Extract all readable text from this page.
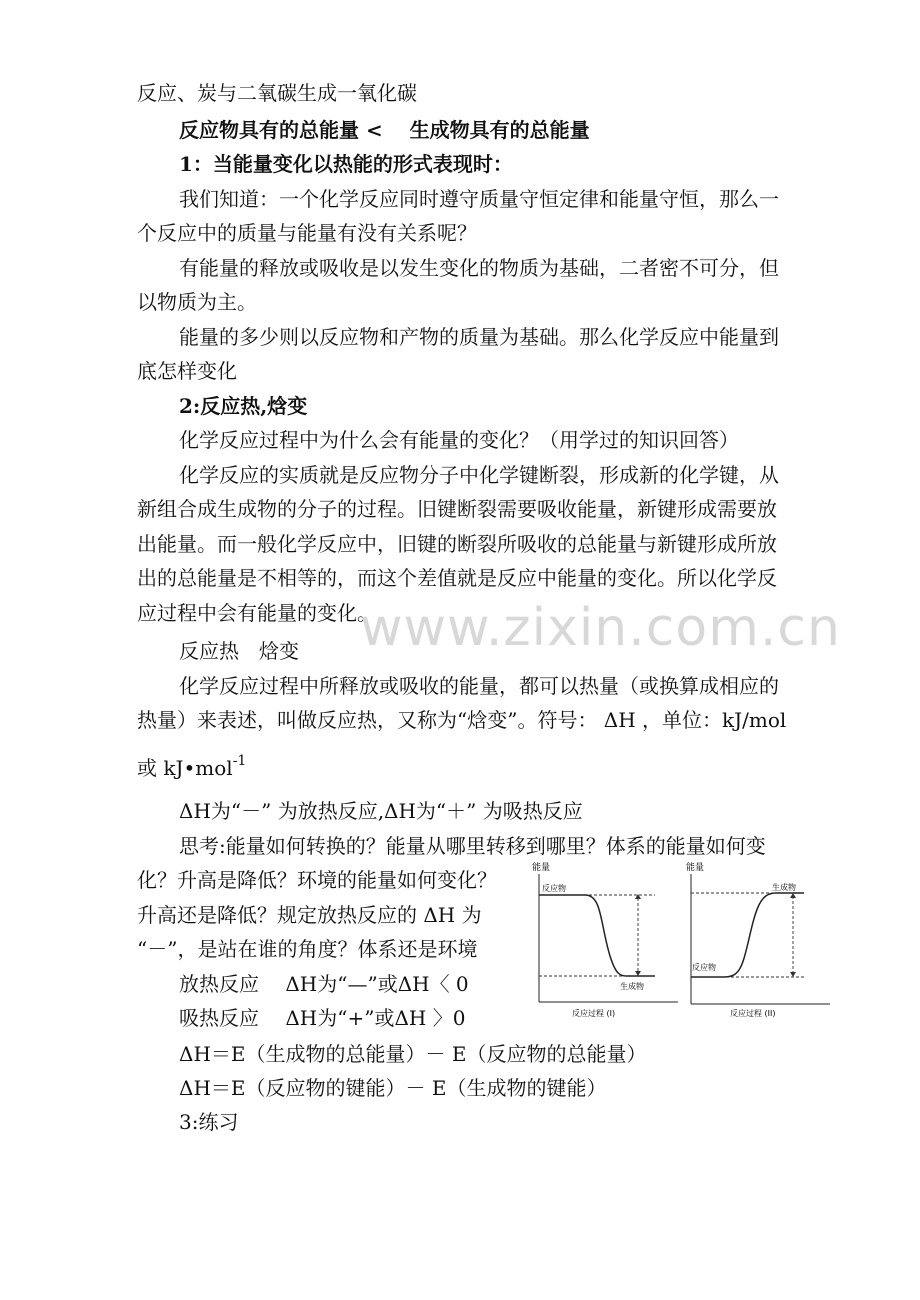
反应、炭与二氧碳生成一氧化碳
反应物具有的总能量 <　 生成物具有的总能量
1：当能量变化以热能的形式表现时：
我们知道：一个化学反应同时遵守质量守恒定律和能量守恒，那么一
个反应中的质量与能量有没有关系呢？
有能量的释放或吸收是以发生变化的物质为基础，二者密不可分，但
以物质为主。
能量的多少则以反应物和产物的质量为基础。那么化学反应中能量到
底怎样变化
2:反应热,焓变
化学反应过程中为什么会有能量的变化？（用学过的知识回答）
化学反应的实质就是反应物分子中化学键断裂，形成新的化学键，从
新组合成生成物的分子的过程。旧键断裂需要吸收能量，新键形成需要放
出能量。而一般化学反应中，旧键的断裂所吸收的总能量与新键形成所放
出的总能量是不相等的，而这个差值就是反应中能量的变化。所以化学反
应过程中会有能量的变化。
反应热　焓变
化学反应过程中所释放或吸收的能量，都可以热量（或换算成相应的
热量）来表述，叫做反应热，又称为“焓变”。符号： ΔH ，单位：kJ/mol
或 kJ•mol$^{-1}$
ΔH为“－” 为放热反应,ΔH为“＋” 为吸热反应
思考:能量如何转换的？能量从哪里转移到哪里？体系的能量如何变
化？升高是降低？环境的能量如何变化？
升高还是降低？规定放热反应的 ΔH 为
“－”，是站在谁的角度？体系还是环境
放热反应　 ΔH为“—”或ΔH〈 0
吸热反应　 ΔH为“+”或ΔH 〉0
ΔH＝E（生成物的总能量）－ E（反应物的总能量）
ΔH＝E（反应物的键能）－ E（生成物的键能）
3:练习
www.zixin.com.cn
能量
反应物
生成物
反应过程 (I)
能量
反应物
生成物
反应过程 (II)
